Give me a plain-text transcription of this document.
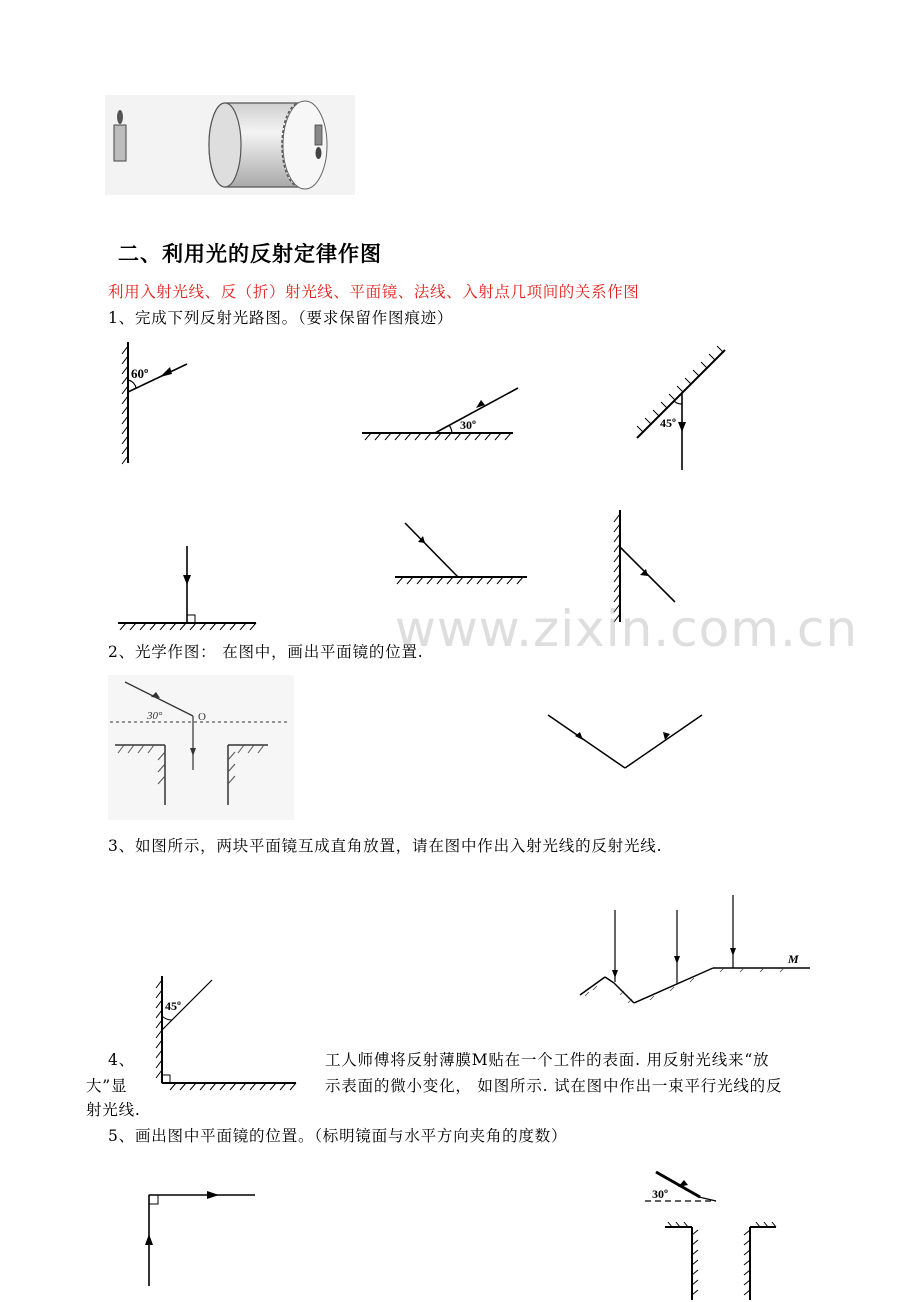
二、利用光的反射定律作图
利用入射光线、反（折）射光线、平面镜、法线、入射点几项间的关系作图
1、完成下列反射光路图。（要求保留作图痕迹）
60º
30º	45º
2、光学作图： 在图中，画出平面镜的位置.
30°	O
3、如图所示，两块平面镜互成直角放置，请在图中作出入射光线的反射光线.
45º
M
4、	工人师傅将反射薄膜M贴在一个工件的表面. 用反射光线来“放
大”显	示表面的微小变化， 如图所示. 试在图中作出一束平行光线的反
射光线.
5、画出图中平面镜的位置。（标明镜面与水平方向夹角的度数）
30º
www.zixin.com.cn
